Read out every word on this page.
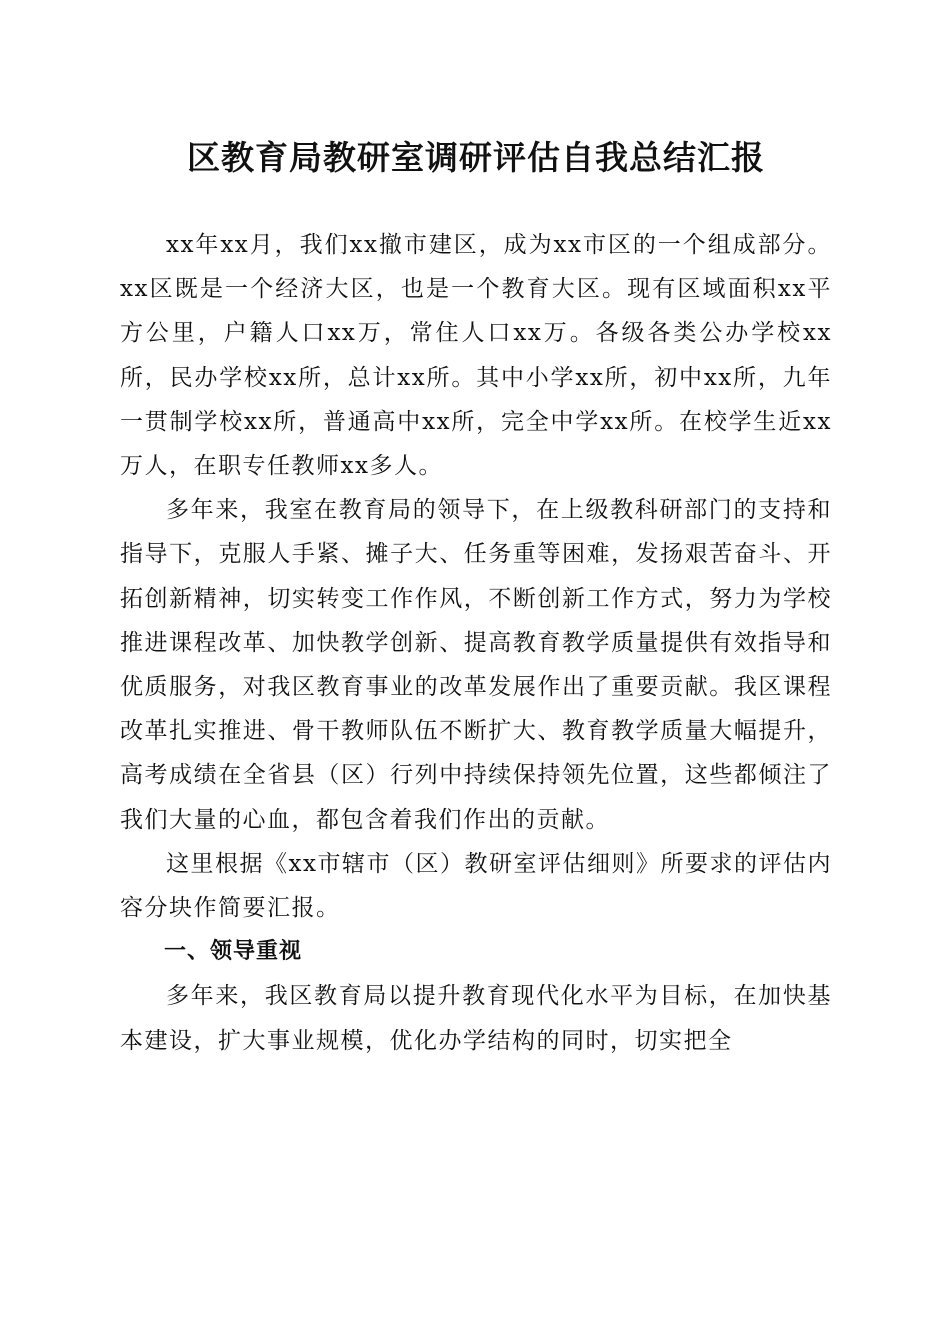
区教育局教研室调研评估自我总结汇报

xx年xx月，我们xx撤市建区，成为xx市区的一个组成部分。xx区既是一个经济大区，也是一个教育大区。现有区域面积xx平方公里，户籍人口xx万，常住人口xx万。各级各类公办学校xx所，民办学校xx所，总计xx所。其中小学xx所，初中xx所，九年一贯制学校xx所，普通高中xx所，完全中学xx所。在校学生近xx万人，在职专任教师xx多人。

多年来，我室在教育局的领导下，在上级教科研部门的支持和指导下，克服人手紧、摊子大、任务重等困难，发扬艰苦奋斗、开拓创新精神，切实转变工作作风，不断创新工作方式，努力为学校推进课程改革、加快教学创新、提高教育教学质量提供有效指导和优质服务，对我区教育事业的改革发展作出了重要贡献。我区课程改革扎实推进、骨干教师队伍不断扩大、教育教学质量大幅提升，高考成绩在全省县（区）行列中持续保持领先位置，这些都倾注了我们大量的心血，都包含着我们作出的贡献。

这里根据《xx市辖市（区）教研室评估细则》所要求的评估内容分块作简要汇报。

一、领导重视

多年来，我区教育局以提升教育现代化水平为目标，在加快基本建设，扩大事业规模，优化办学结构的同时，切实把全
